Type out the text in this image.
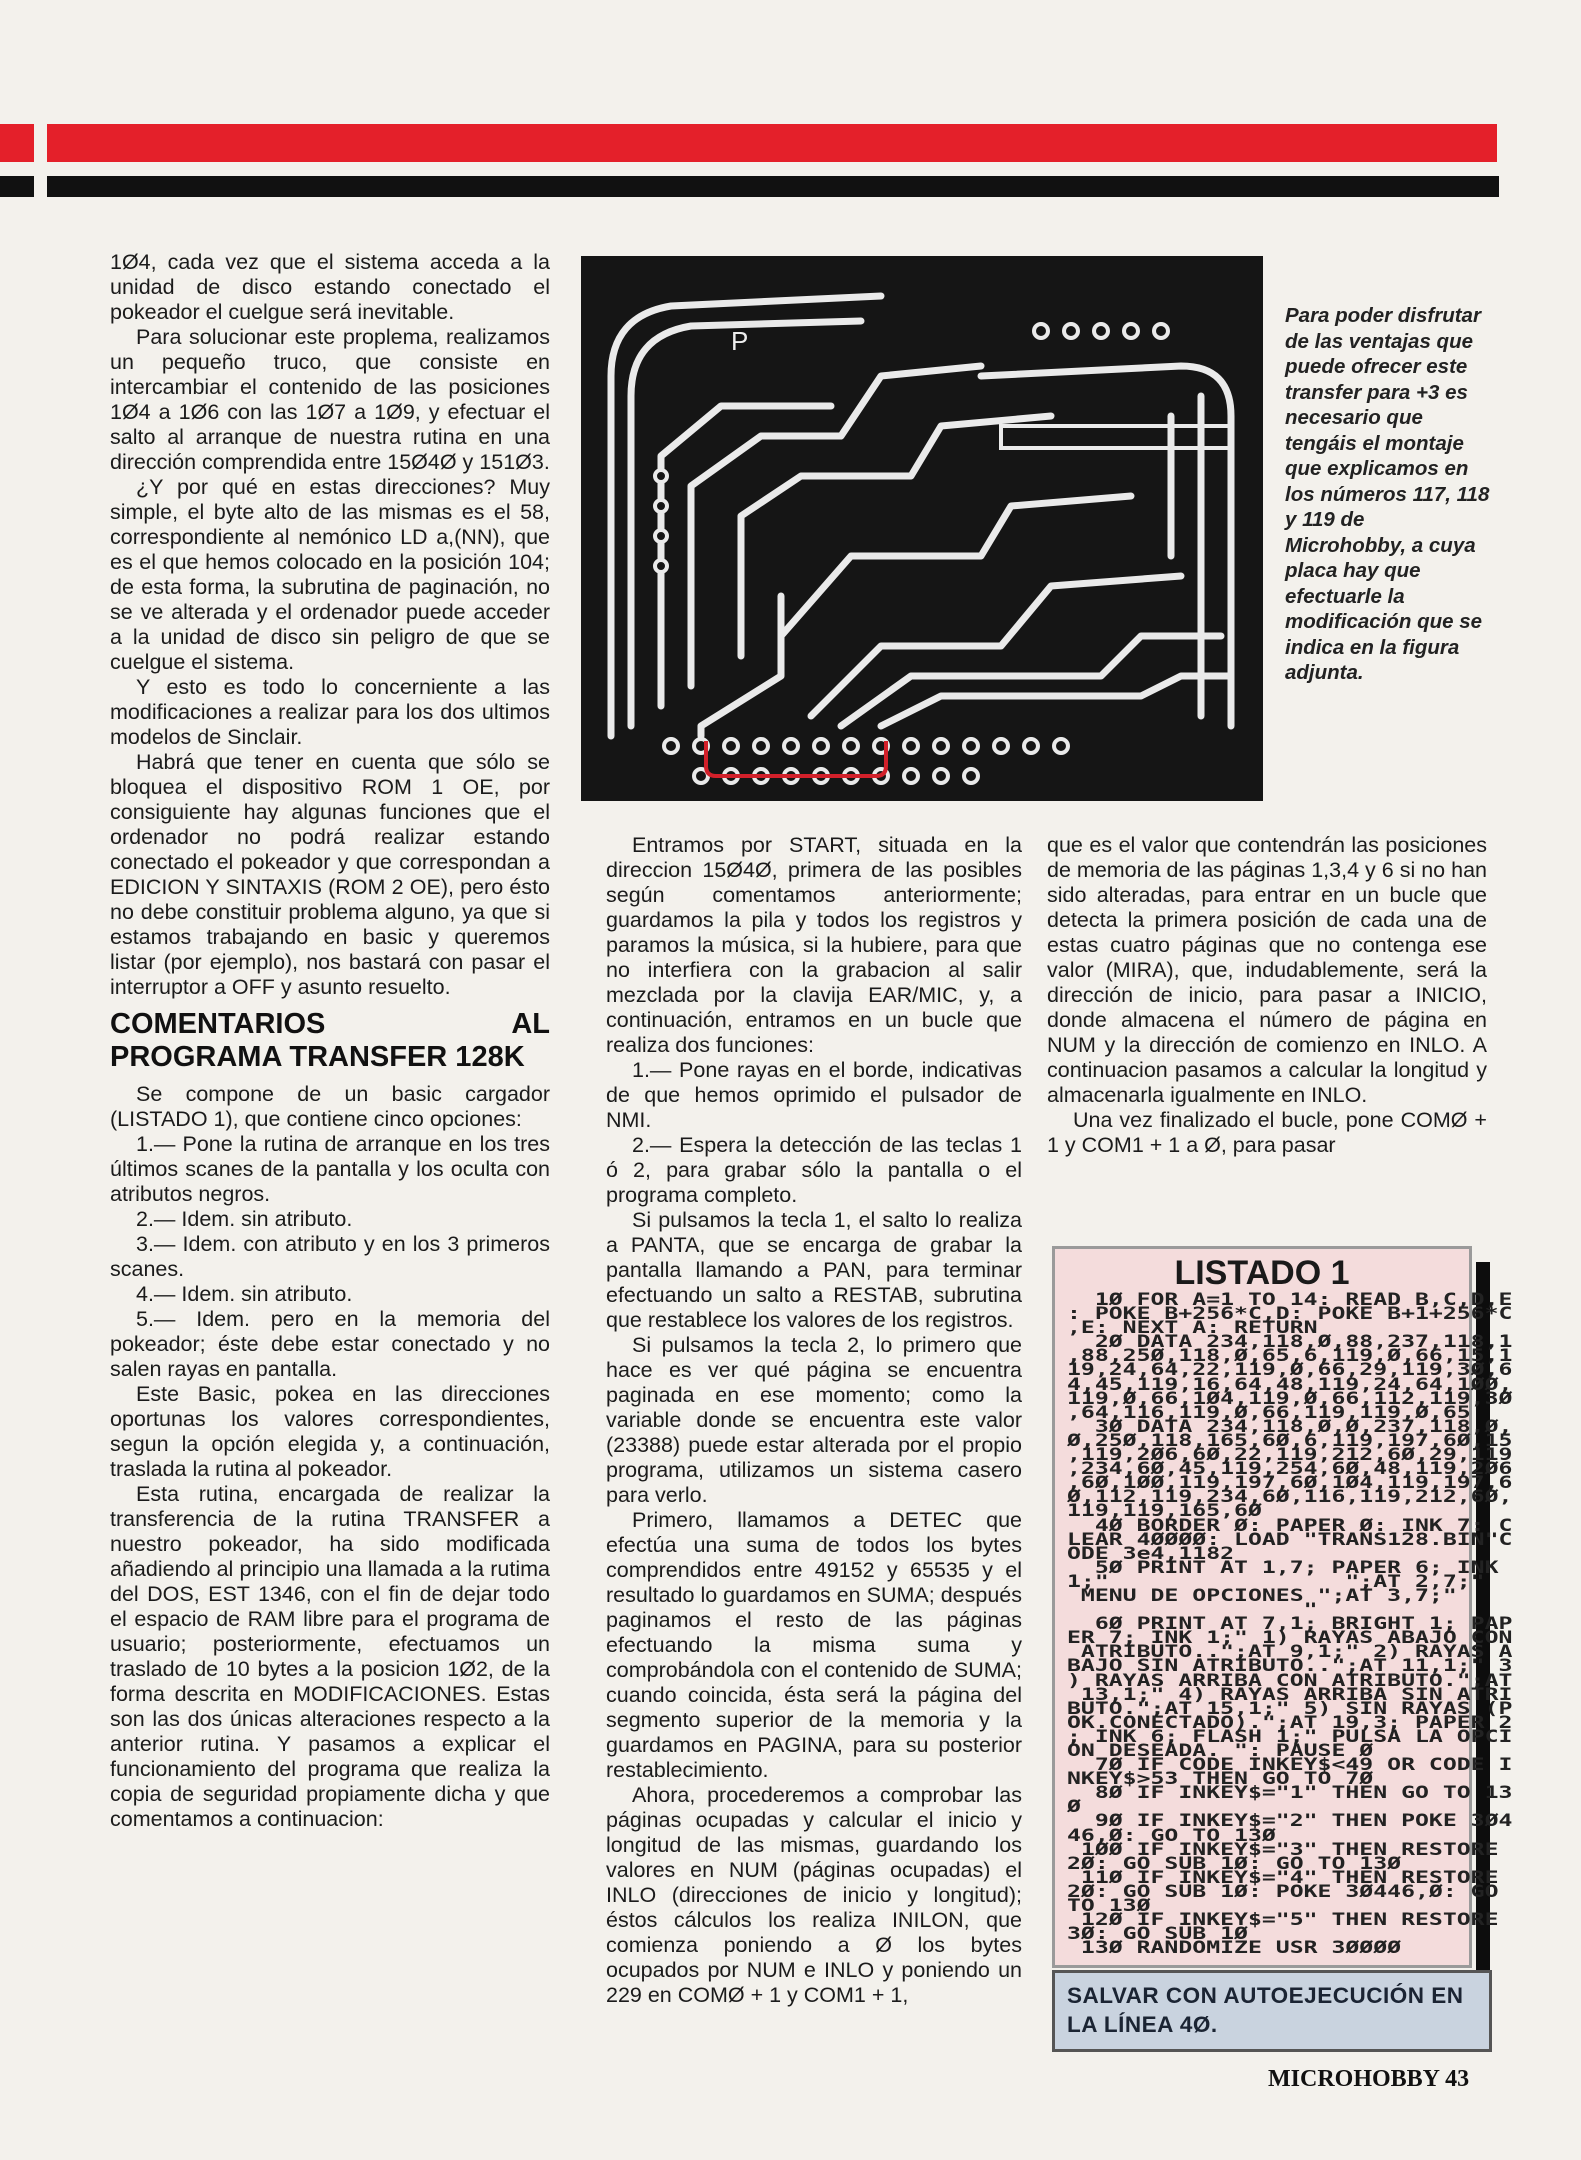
1Ø4, cada vez que el sistema acceda a la unidad de disco estando conectado el pokeador el cuelgue será inevitable.

Para solucionar este proplema, realizamos un pequeño truco, que consiste en intercambiar el contenido de las posiciones 1Ø4 a 1Ø6 con las 1Ø7 a 1Ø9, y efectuar el salto al arranque de nuestra rutina en una dirección comprendida entre 15Ø4Ø y 151Ø3.

¿Y por qué en estas direcciones? Muy simple, el byte alto de las mismas es el 58, correspondiente al nemónico LD a,(NN), que es el que hemos colocado en la posición 104; de esta forma, la subrutina de paginación, no se ve alterada y el ordenador puede acceder a la unidad de disco sin peligro de que se cuelgue el sistema.

Y esto es todo lo concerniente a las modificaciones a realizar para los dos ultimos modelos de Sinclair.

Habrá que tener en cuenta que sólo se bloquea el dispositivo ROM 1 OE, por consiguiente hay algunas funciones que el ordenador no podrá realizar estando conectado el pokeador y que correspondan a EDICION Y SINTAXIS (ROM 2 OE), pero ésto no debe constituir problema alguno, ya que si estamos trabajando en basic y queremos listar (por ejemplo), nos bastará con pasar el interruptor a OFF y asunto resuelto.

COMENTARIOS AL PROGRAMA TRANSFER 128K

Se compone de un basic cargador (LISTADO 1), que contiene cinco opciones:

1.— Pone la rutina de arranque en los tres últimos scanes de la pantalla y los oculta con atributos negros.

2.— Idem. sin atributo.

3.— Idem. con atributo y en los 3 primeros scanes.

4.— Idem. sin atributo.

5.— Idem. pero en la memoria del pokeador; éste debe estar conectado y no salen rayas en pantalla.

Este Basic, pokea en las direcciones oportunas los valores correspondientes, segun la opción elegida y, a continuación, traslada la rutina al pokeador.

Esta rutina, encargada de realizar la transferencia de la rutina TRANSFER a nuestro pokeador, ha sido modificada añadiendo al principio una llamada a la rutima del DOS, EST 1346, con el fin de dejar todo el espacio de RAM libre para el programa de usuario; posteriormente, efectuamos un traslado de 10 bytes a la posicion 1Ø2, de la forma descrita en MODIFICACIONES. Estas son las dos únicas alteraciones respecto a la anterior rutina. Y pasamos a explicar el funcionamiento del programa que realiza la copia de seguridad propiamente dicha y que comentamos a continuacion:

P
Para poder disfrutar de las ventajas que puede ofrecer este transfer para +3 es necesario que tengáis el montaje que explicamos en los números 117, 118 y 119 de Microhobby, a cuya placa hay que efectuarle la modificación que se indica en la figura adjunta.

Entramos por START, situada en la direccion 15Ø4Ø, primera de las posibles según comentamos anteriormente; guardamos la pila y todos los registros y paramos la música, si la hubiere, para que no interfiera con la grabacion al salir mezclada por la clavija EAR/MIC, y, a continuación, entramos en un bucle que realiza dos funciones:

1.— Pone rayas en el borde, indicativas de que hemos oprimido el pulsador de NMI.

2.— Espera la detección de las teclas 1 ó 2, para grabar sólo la pantalla o el programa completo.

Si pulsamos la tecla 1, el salto lo realiza a PANTA, que se encarga de grabar la pantalla llamando a PAN, para terminar efectuando un salto a RESTAB, subrutina que restablece los valores de los registros.

Si pulsamos la tecla 2, lo primero que hace es ver qué página se encuentra paginada en ese momento; como la variable donde se encuentra este valor (23388) puede estar alterada por el propio programa, utilizamos un sistema casero para verlo.

Primero, llamamos a DETEC que efectúa una suma de todos los bytes comprendidos entre 49152 y 65535 y el resultado lo guardamos en SUMA; después paginamos el resto de las páginas efectuando la misma suma y comprobándola con el contenido de SUMA; cuando coincida, ésta será la página del segmento superior de la memoria y la guardamos en PAGINA, para su posterior restablecimiento.

Ahora, procederemos a comprobar las páginas ocupadas y calcular el inicio y longitud de las mismas, guardando los valores en NUM (páginas ocupadas) el INLO (direcciones de inicio y longitud); éstos cálculos los realiza INILON, que comienza poniendo a Ø los bytes ocupados por NUM e INLO y poniendo un 229 en COMØ + 1 y COM1 + 1,

que es el valor que contendrán las posiciones de memoria de las páginas 1,3,4 y 6 si no han sido alteradas, para entrar en un bucle que detecta la primera posición de cada una de estas cuatro páginas que no contenga ese valor (MIRA), que, indudablemente, será la dirección de inicio, para pasar a INICIO, donde almacena el número de página en NUM y la dirección de comienzo en INLO. A continuacion pasamos a calcular la longitud y almacenarla igualmente en INLO.

Una vez finalizado el bucle, pone COMØ + 1 y COM1 + 1 a Ø, para pasar

LISTADO 1
1Ø FOR A=1 TO 14: READ B,C,D,E
: POKE B+256*C,D: POKE B+1+256*C
,E: NEXT A: RETURN
2Ø DATA 234,118,Ø,88,237,118,1
,88,25Ø,118,Ø,65,6,119,Ø,66,15,1
19,24,64,22,119,Ø,66,29,119,3Ø,6
4,45,119,16,64,48,119,24,64,1ØØ,
119,Ø,66,1Ø4,119,Ø,66,112,119,3Ø
,64,116,119,Ø,66,119,119,Ø,65
3Ø DATA 234,118,Ø,Ø,237,118,Ø,
Ø,25Ø,118,165,6Ø,6,119,197,6Ø,15
,119,2Ø6,6Ø,22,119,212,6Ø,29,119
,234,6Ø,45,119,254,6Ø,48,119,2Ø6
,6Ø,1ØØ,119,197,6Ø,1Ø4,119,197,6
Ø,112,119,234,6Ø,116,119,212,6Ø,
119,119,165,6Ø
4Ø BORDER Ø: PAPER Ø: INK 7: C
LEAR 4ØØØØ: LOAD "TRANS128.BIN"C
ODE 3e4,1182
5Ø PRINT AT 1,7; PAPER 6; INK
1;"                 ";AT 2,7;"
MENU DE OPCIONES ";AT 3,7;"
"
6Ø PRINT AT 7,1; BRIGHT 1; PAP
ER 7; INK 1;" 1) RAYAS ABAJO CON
ATRIBUTO..";AT 9,1;" 2) RAYAS A
BAJO SIN ATRIBUTO..";AT 11,1;" 3
) RAYAS ARRIBA CON ATRIBUTO.";AT
13,1;" 4) RAYAS ARRIBA SIN ATRI
BUTO.";AT 15,1;" 5) SIN RAYAS (P
OK.CONECTADO).";AT 19,3; PAPER 2
; INK 6; FLASH 1;" PULSA LA OPCI
ON DESEADA. ": PAUSE Ø
7Ø IF CODE INKEY$<49 OR CODE I
NKEY$>53 THEN GO TO 7Ø
8Ø IF INKEY$="1" THEN GO TO 13
Ø
9Ø IF INKEY$="2" THEN POKE 3Ø4
46,Ø: GO TO 13Ø
1ØØ IF INKEY$="3" THEN RESTORE
2Ø: GO SUB 1Ø: GO TO 13Ø
11Ø IF INKEY$="4" THEN RESTORE
2Ø: GO SUB 1Ø: POKE 3Ø446,Ø: GO
TO 13Ø
12Ø IF INKEY$="5" THEN RESTORE
3Ø: GO SUB 1Ø
13Ø RANDOMIZE USR 3ØØØØ
SALVAR CON AUTOEJECUCIÓN EN LA LÍNEA 4Ø.
MICROHOBBY 43
